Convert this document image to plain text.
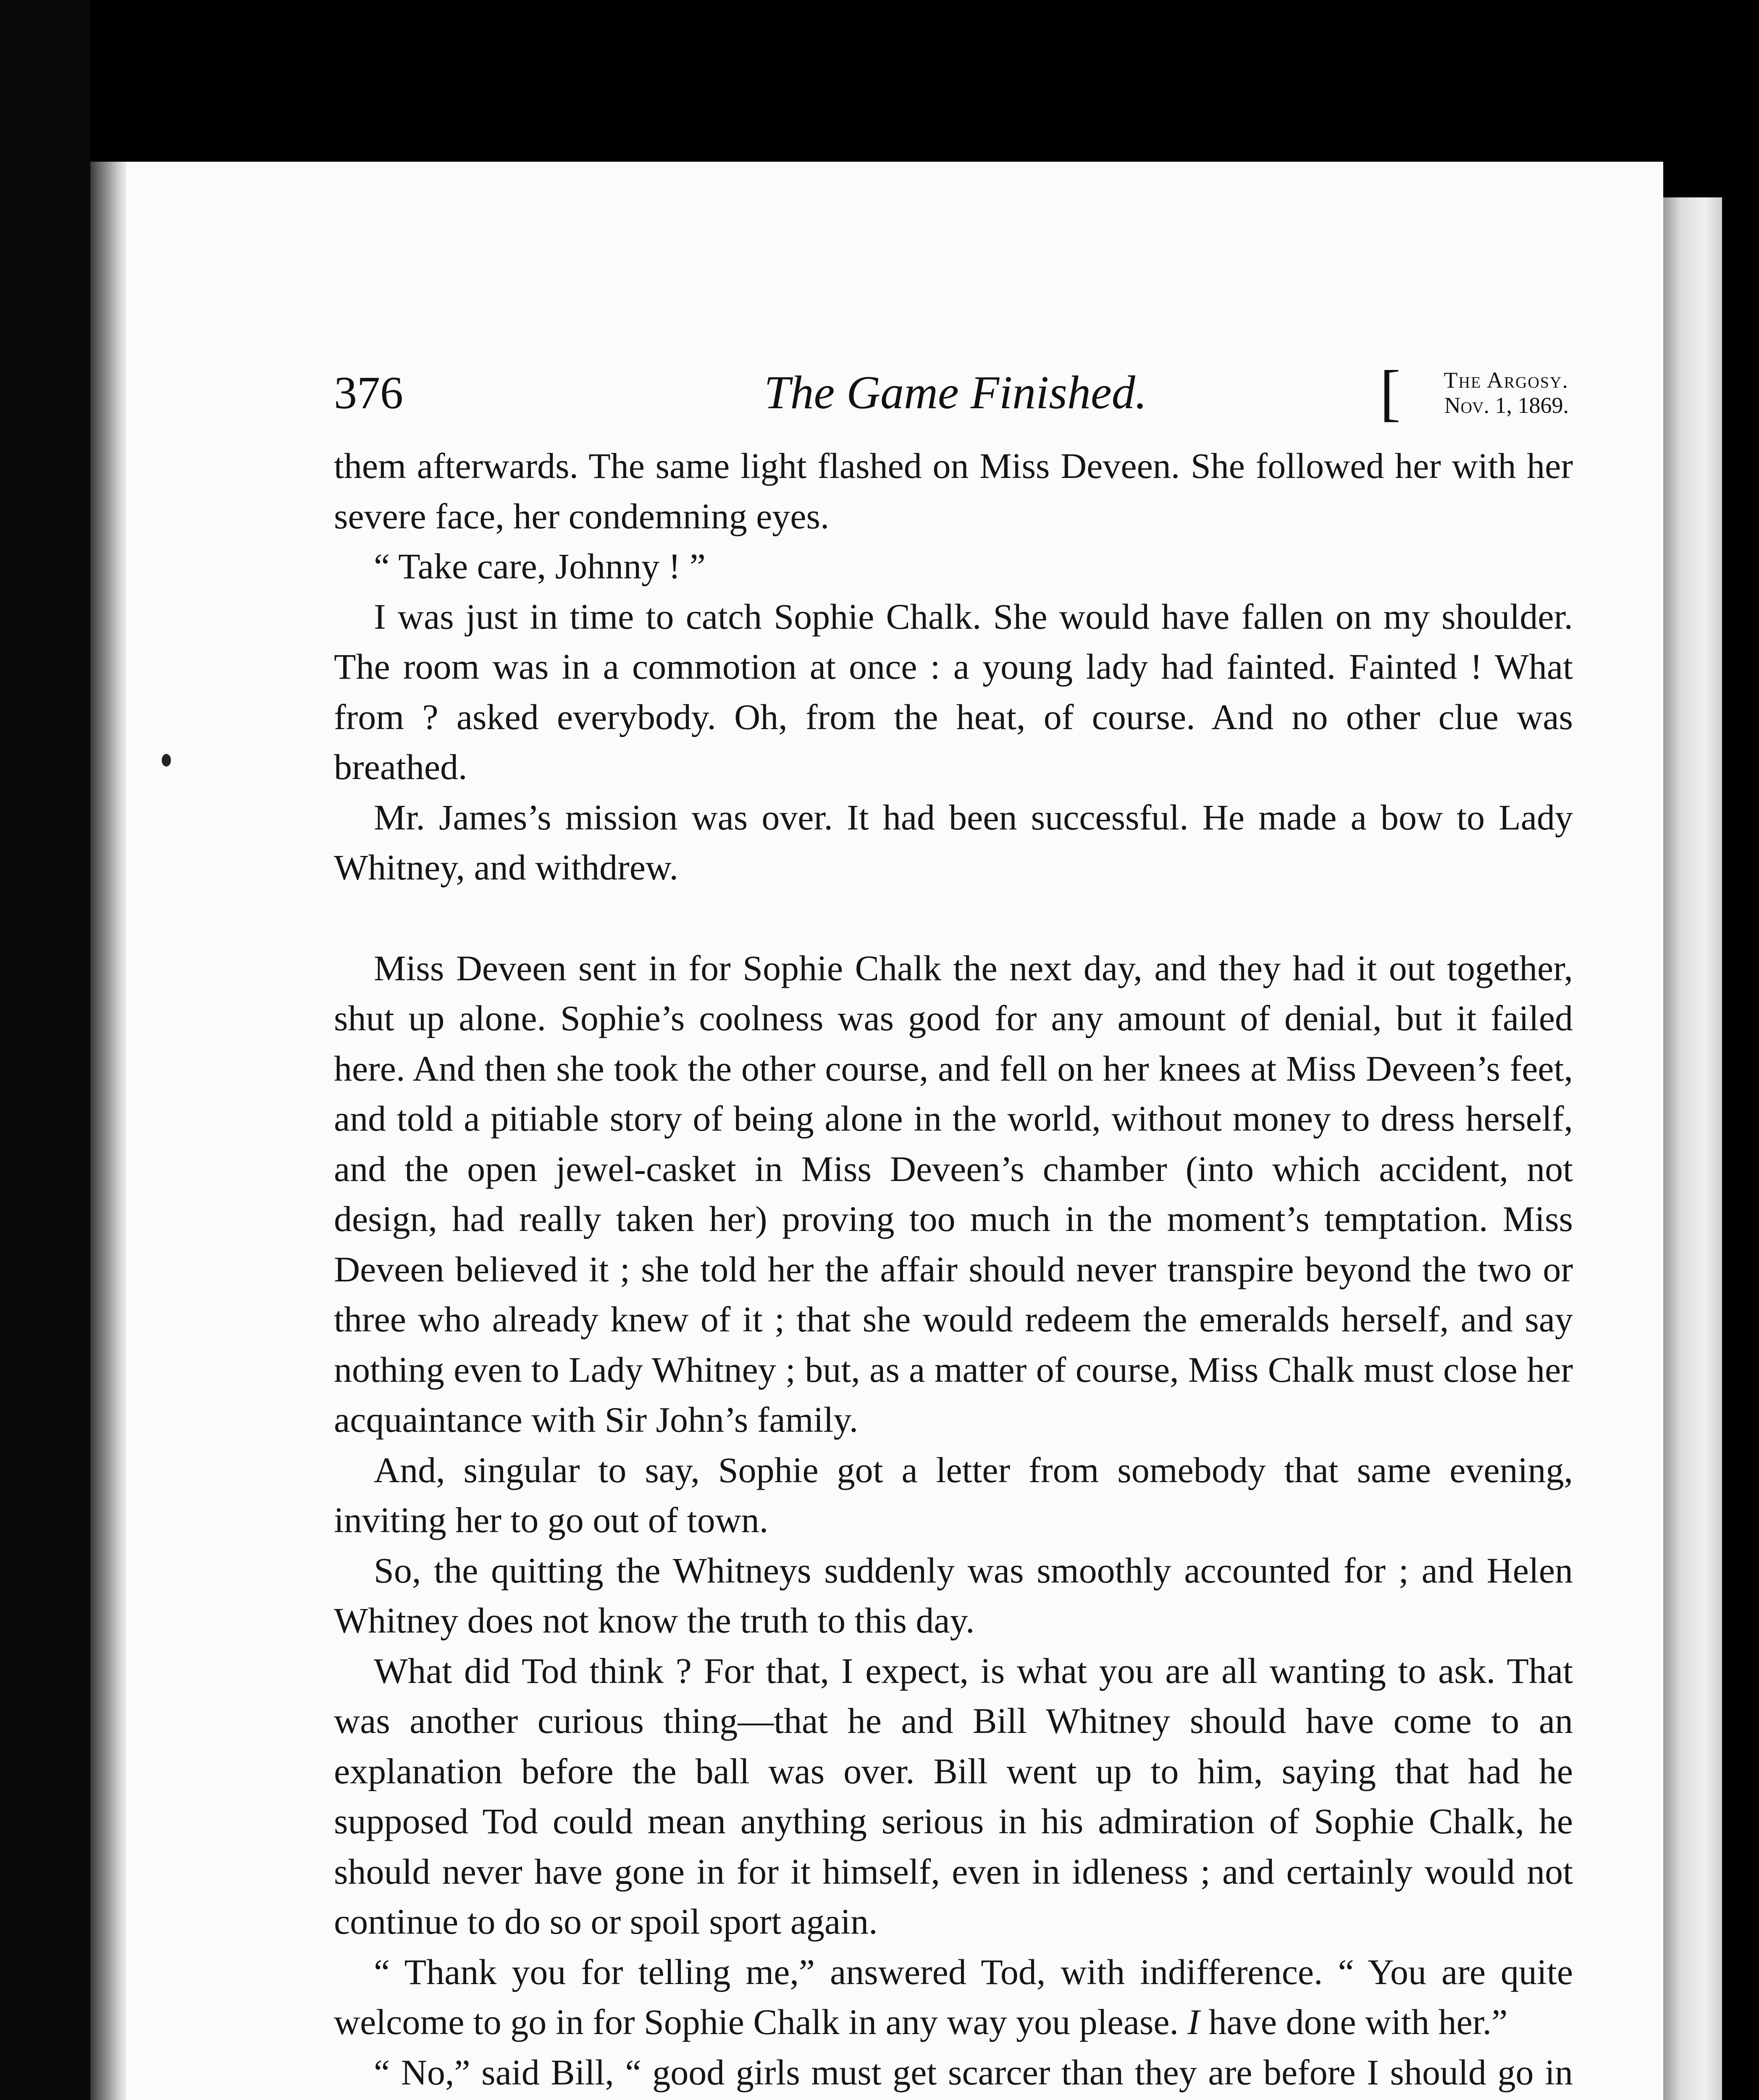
376	The Game Finished.	[ The Argosy.
Nov. 1, 1869.

them afterwards. The same light flashed on Miss Deveen. She followed her with her severe face, her condemning eyes.

“ Take care, Johnny ! ”

I was just in time to catch Sophie Chalk. She would have fallen on my shoulder. The room was in a commotion at once : a young lady had fainted. Fainted ! What from ? asked everybody. Oh, from the heat, of course. And no other clue was breathed.

Mr. James’s mission was over. It had been successful. He made a bow to Lady Whitney, and withdrew.

Miss Deveen sent in for Sophie Chalk the next day, and they had it out together, shut up alone. Sophie’s coolness was good for any amount of denial, but it failed here. And then she took the other course, and fell on her knees at Miss Deveen’s feet, and told a pitiable story of being alone in the world, without money to dress herself, and the open jewel-casket in Miss Deveen’s chamber (into which accident, not design, had really taken her) proving too much in the moment’s temptation. Miss Deveen believed it ; she told her the affair should never transpire beyond the two or three who already knew of it ; that she would redeem the emeralds herself, and say nothing even to Lady Whitney ; but, as a matter of course, Miss Chalk must close her acquaintance with Sir John’s family.

And, singular to say, Sophie got a letter from somebody that same evening, inviting her to go out of town.

So, the quitting the Whitneys suddenly was smoothly accounted for ; and Helen Whitney does not know the truth to this day.

What did Tod think ? For that, I expect, is what you are all wanting to ask. That was another curious thing—that he and Bill Whitney should have come to an explanation before the ball was over. Bill went up to him, saying that had he supposed Tod could mean anything serious in his admiration of Sophie Chalk, he should never have gone in for it himself, even in idleness ; and certainly would not continue to do so or spoil sport again.

“ Thank you for telling me,” answered Tod, with indifference. “ You are quite welcome to go in for Sophie Chalk in any way you please. I have done with her.”

“ No,” said Bill, “ good girls must get scarcer than they are before I should go in
